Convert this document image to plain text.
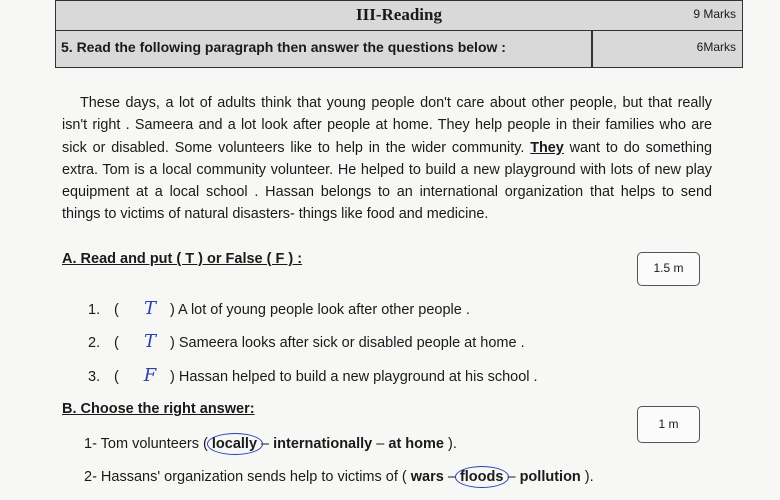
III-Reading	9 Marks
5. Read the following paragraph then answer the questions below :	6Marks
These days, a lot of adults think that young people don't care about other people, but that really isn't right . Sameera and a lot look after people at home. They help people in their families who are sick or disabled. Some volunteers like to help in the wider community. They want to do something extra. Tom is a local community volunteer. He helped to build a new playground with lots of new play equipment at a local school . Hassan belongs to an international organization that helps to send things to victims of natural disasters- things like food and medicine.
A. Read and put ( T ) or False ( F ) :
1.5 m
1. ( T ) A lot of young people look after other people .
2. ( T ) Sameera looks after sick or disabled people at home .
3. ( F ) Hassan helped to build a new playground at his school .
B. Choose the right answer:
1 m
1- Tom volunteers ( locally – internationally – at home ).
2- Hassans' organization sends help to victims of ( wars – floods – pollution ).
